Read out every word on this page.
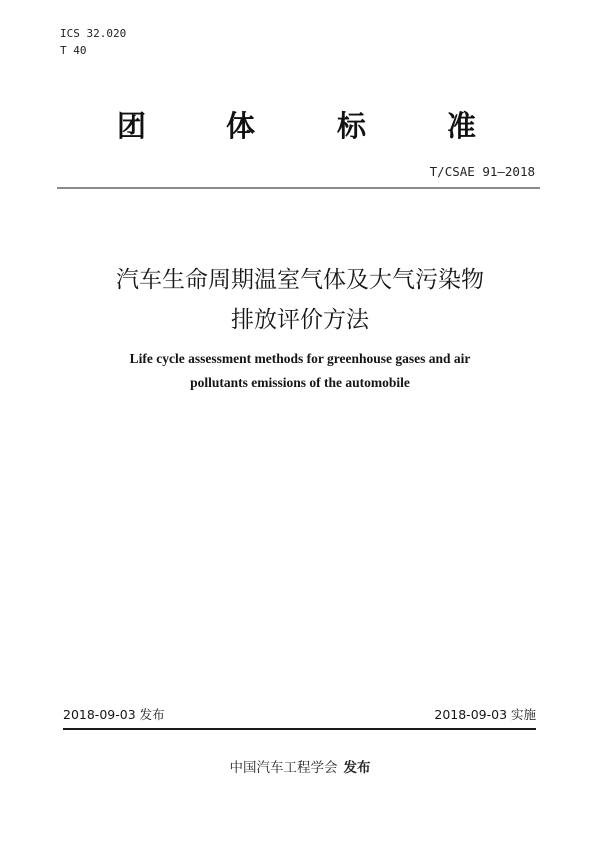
ICS 32.020
T 40
团	体	标	准
T/CSAE 91—2018
汽车生命周期温室气体及大气污染物
排放评价方法
Life cycle assessment methods for greenhouse gases and air
pollutants emissions of the automobile
2018-09-03 发布	2018-09-03 实施
中国汽车工程学会 发布
